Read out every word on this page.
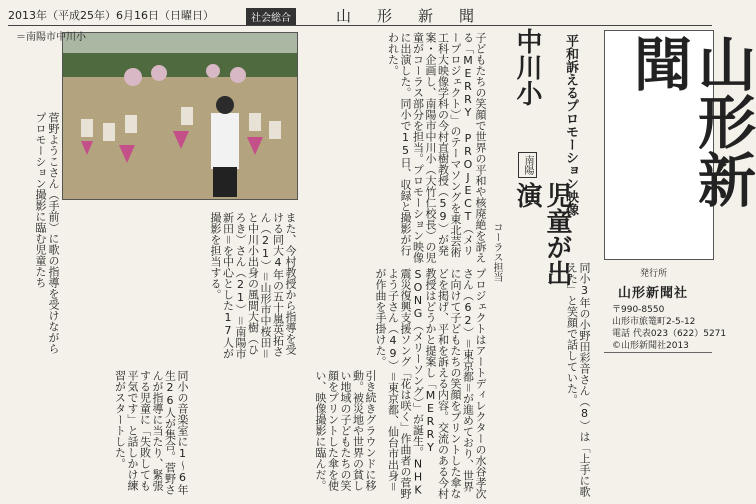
2013年（平成25年）6月16日（日曜日）	社会総合	山形新聞
＝南陽市中川小
菅野ようこさん（手前）に歌の指導を受けながらプロモーション撮影に臨む児童たち	平和訴えるプロモーション映像
中川小
南陽
児童が出演
コーラス担当
子どもたちの笑顔で世界の平和や核廃絶を訴える「MERRY PROJECT（メリープロジェクト）」のテーマソングを東北芸術工科大映像学科の今村直樹教授（59）が発案・企画し、南陽市中川小（大竹仁校長）の児童がコーラス部分を担当。プロモーション映像に出演した。同小で15日、収録と撮影が行われた。
プロジェクトはアートディレクターの水谷孝次さん（62）＝東京都＝が進めており、世界に向けて子どもたちの笑顔をプリントした傘などを掲げ、平和を訴える内容。交流のある今村教授はどうかと提案し「MERRY SONG（メリーソング）」が誕生。NHK震災復興支援ソング「花は咲く」作曲者の菅野よう子さん（49）＝東京都、仙台市出身＝が作曲を手掛けた。
また、今村教授から指導を受ける同大4年の五十嵐英拓さん（21）＝山形市中桜田＝と中川小出身の風間大樹（ひろき）さん（21）＝南陽市新田＝を中心とした17人が撮影を担当する。
同小の音楽室に1〜6年生26人が集合。菅野さんが指導に当たり、緊張する児童に「失敗しても平気です」と話しかけ練習がスタートした。	引き続きグラウンドに移動。被災地や世界の貧しい地域の子どもたちの笑顔をプリントした傘を使い、映像撮影に臨んだ。	同小3年の小野田彩音さん（8）は「上手に歌えた」と笑顔で話していた。
山形新聞
発行所
山形新聞社
〒990-8550
山形市旅篭町2-5-12
電話 代表023（622）5271
©山形新聞社2013
